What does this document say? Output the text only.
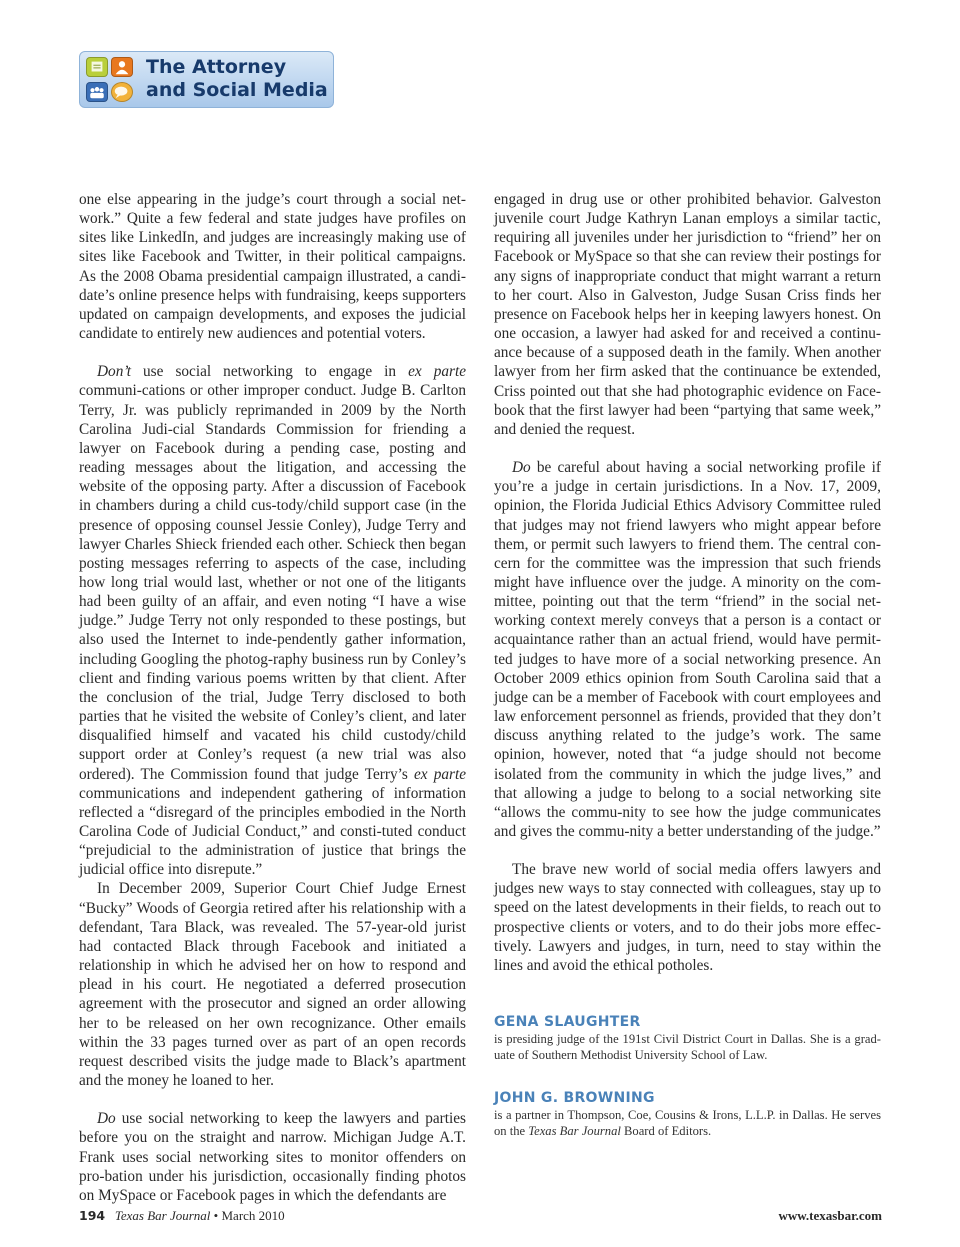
The Attorney
and Social Media

one else appearing in the judge’s court through a social net-work.” Quite a few federal and state judges have profiles on sites like LinkedIn, and judges are increasingly making use of sites like Facebook and Twitter, in their political campaigns. As the 2008 Obama presidential campaign illustrated, a candi-date’s online presence helps with fundraising, keeps supporters updated on campaign developments, and exposes the judicial candidate to entirely new audiences and potential voters.

Don’t use social networking to engage in ex parte communi-cations or other improper conduct. Judge B. Carlton Terry, Jr. was publicly reprimanded in 2009 by the North Carolina Judi-cial Standards Commission for friending a lawyer on Facebook during a pending case, posting and reading messages about the litigation, and accessing the website of the opposing party. After a discussion of Facebook in chambers during a child cus-tody/child support case (in the presence of opposing counsel Jessie Conley), Judge Terry and lawyer Charles Shieck friended each other. Schieck then began posting messages referring to aspects of the case, including how long trial would last, whether or not one of the litigants had been guilty of an affair, and even noting “I have a wise judge.” Judge Terry not only responded to these postings, but also used the Internet to inde-pendently gather information, including Googling the photog-raphy business run by Conley’s client and finding various poems written by that client. After the conclusion of the trial, Judge Terry disclosed to both parties that he visited the website of Conley’s client, and later disqualified himself and vacated his child custody/child support order at Conley’s request (a new trial was also ordered). The Commission found that judge Terry’s ex parte communications and independent gathering of information reflected a “disregard of the principles embodied in the North Carolina Code of Judicial Conduct,” and consti-tuted conduct “prejudicial to the administration of justice that brings the judicial office into disrepute.”

In December 2009, Superior Court Chief Judge Ernest “Bucky” Woods of Georgia retired after his relationship with a defendant, Tara Black, was revealed. The 57-year-old jurist had contacted Black through Facebook and initiated a relationship in which he advised her on how to respond and plead in his court. He negotiated a deferred prosecution agreement with the prosecutor and signed an order allowing her to be released on her own recognizance. Other emails within the 33 pages turned over as part of an open records request described visits the judge made to Black’s apartment and the money he loaned to her.

Do use social networking to keep the lawyers and parties before you on the straight and narrow. Michigan Judge A.T. Frank uses social networking sites to monitor offenders on pro-bation under his jurisdiction, occasionally finding photos on MySpace or Facebook pages in which the defendants are

engaged in drug use or other prohibited behavior. Galveston juvenile court Judge Kathryn Lanan employs a similar tactic, requiring all juveniles under her jurisdiction to “friend” her on Facebook or MySpace so that she can review their postings for any signs of inappropriate conduct that might warrant a return to her court. Also in Galveston, Judge Susan Criss finds her presence on Facebook helps her in keeping lawyers honest. On one occasion, a lawyer had asked for and received a continu-ance because of a supposed death in the family. When another lawyer from her firm asked that the continuance be extended, Criss pointed out that she had photographic evidence on Face-book that the first lawyer had been “partying that same week,” and denied the request.

Do be careful about having a social networking profile if you’re a judge in certain jurisdictions. In a Nov. 17, 2009, opinion, the Florida Judicial Ethics Advisory Committee ruled that judges may not friend lawyers who might appear before them, or permit such lawyers to friend them. The central con-cern for the committee was the impression that such friends might have influence over the judge. A minority on the com-mittee, pointing out that the term “friend” in the social net-working context merely conveys that a person is a contact or acquaintance rather than an actual friend, would have permit-ted judges to have more of a social networking presence. An October 2009 ethics opinion from South Carolina said that a judge can be a member of Facebook with court employees and law enforcement personnel as friends, provided that they don’t discuss anything related to the judge’s work. The same opinion, however, noted that “a judge should not become isolated from the community in which the judge lives,” and that allowing a judge to belong to a social networking site “allows the commu-nity to see how the judge communicates and gives the commu-nity a better understanding of the judge.”

The brave new world of social media offers lawyers and judges new ways to stay connected with colleagues, stay up to speed on the latest developments in their fields, to reach out to prospective clients or voters, and to do their jobs more effec-tively. Lawyers and judges, in turn, need to stay within the lines and avoid the ethical potholes.

GENA SLAUGHTER
is presiding judge of the 191st Civil District Court in Dallas. She is a grad-uate of Southern Methodist University School of Law.
JOHN G. BROWNING
is a partner in Thompson, Coe, Cousins & Irons, L.L.P. in Dallas. He serves on the Texas Bar Journal Board of Editors.
194 Texas Bar Journal • March 2010	www.texasbar.com
